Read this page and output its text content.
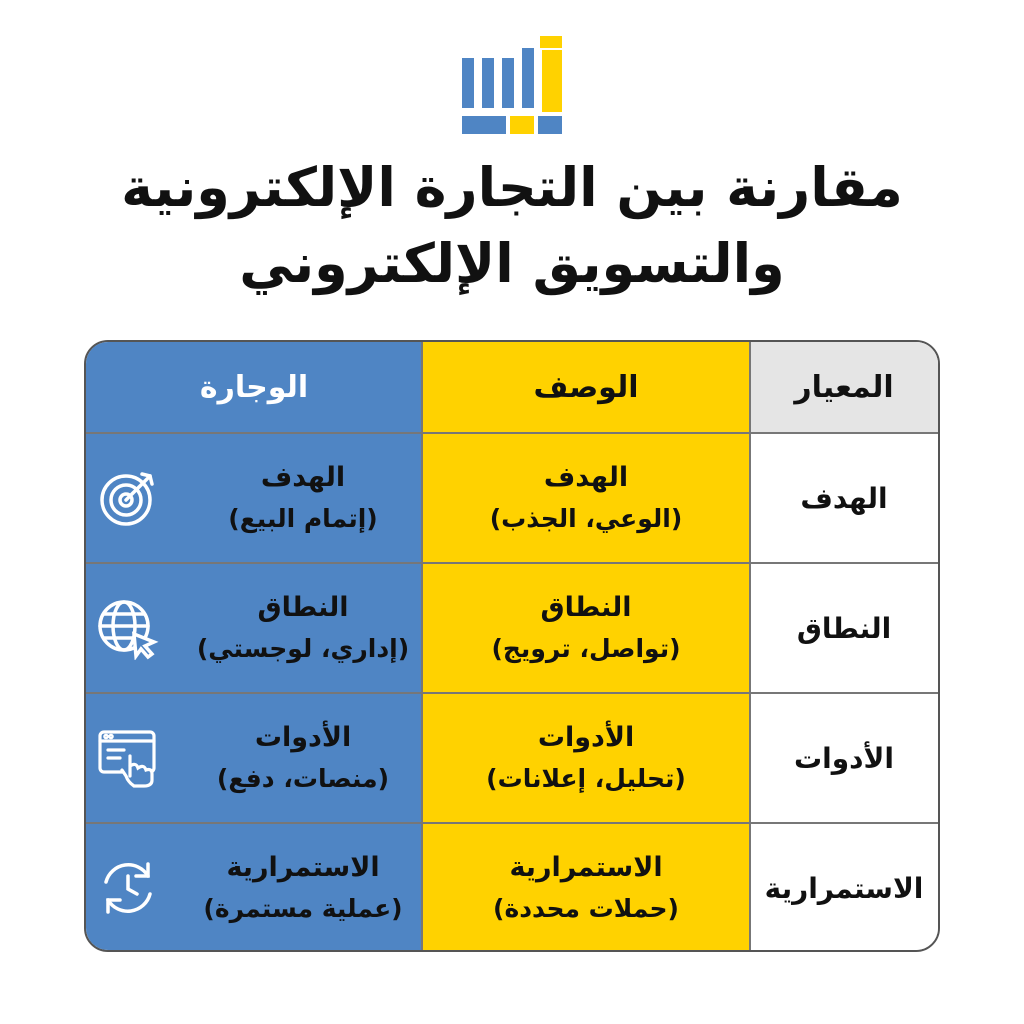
مقارنة بين التجارة الإلكترونية
والتسويق الإلكتروني
الوجارة	الوصف	المعيار
الهدف
الهدف
(الوعي، الجذب)
الهدف
(إتمام البيع)
النطاق
النطاق
(تواصل، ترويج)
النطاق
(إداري، لوجستي)
الأدوات
الأدوات
(تحليل، إعلانات)
الأدوات
(منصات، دفع)
الاستمرارية
الاستمرارية
(حملات محددة)
الاستمرارية
(عملية مستمرة)
